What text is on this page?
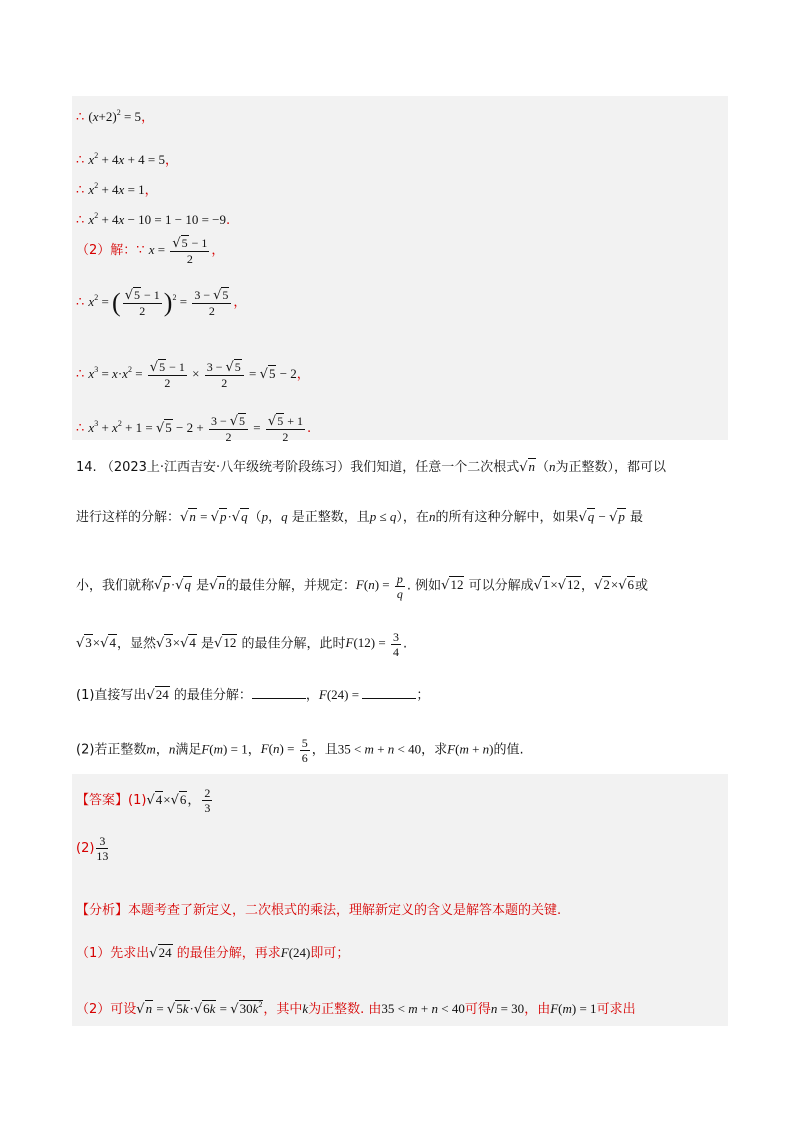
∴ $(x+2)^2 = 5$，
∴ $x^2 + 4x + 4 = 5$，
∴ $x^2 + 4x = 1$，
∴ $x^2 + 4x - 10 = 1 - 10 = -9$.
（2）解：∵ $x = \frac{√5 - 1}{2}$ ，
∴ $x^2$ = ( $\frac{√5 - 1}{2} )^2 = \frac{3 - √5}{2}$ ，
∴ $x^3 = x\cdot x^2 = \frac{√5 - 1}{2} \times \frac{3 - √5}{2} = √5 - 2$，
∴ $x^3 + x^2 + 1 = √5 - 2 + \frac{3 - √5}{2} = \frac{√5 + 1}{2}$ .
14. （2023上·江西吉安·八年级统考阶段练习）我们知道，任意一个二次根式√n（n为正整数），都可以
进行这样的分解：√n = √p·√q（p，q 是正整数，且p ≤ q），在n的所有这种分解中，如果√q − √p 最
小，我们就称√p·√q 是√n的最佳分解，并规定：$F(n) = \frac{p}{q}$ . 例如√12 可以分解成√1×√12，√2×√6或
√3×√4，显然√3×√4 是√12 的最佳分解，此时$F(12) = \frac{3}{4}$ .
(1)直接写出√24 的最佳分解：	，F(24) =	；
(2)若正整数m，n满足F(m) = 1，$F(n) = \frac{5}{6}$ ，且35 < m + n < 40，求F(m + n)的值.
【答案】(1)√4×√6， $\frac{2}{3}$
$(2) \frac{3}{13}$
【分析】本题考查了新定义，二次根式的乘法，理解新定义的含义是解答本题的关键.
（1）先求出√24 的最佳分解，再求F(24)即可；
（2）可设$√n = √5k\cdot√6k = √30k^2$，其中k为正整数. 由35 < m + n < 40可得n = 30，由F(m) = 1可求出
